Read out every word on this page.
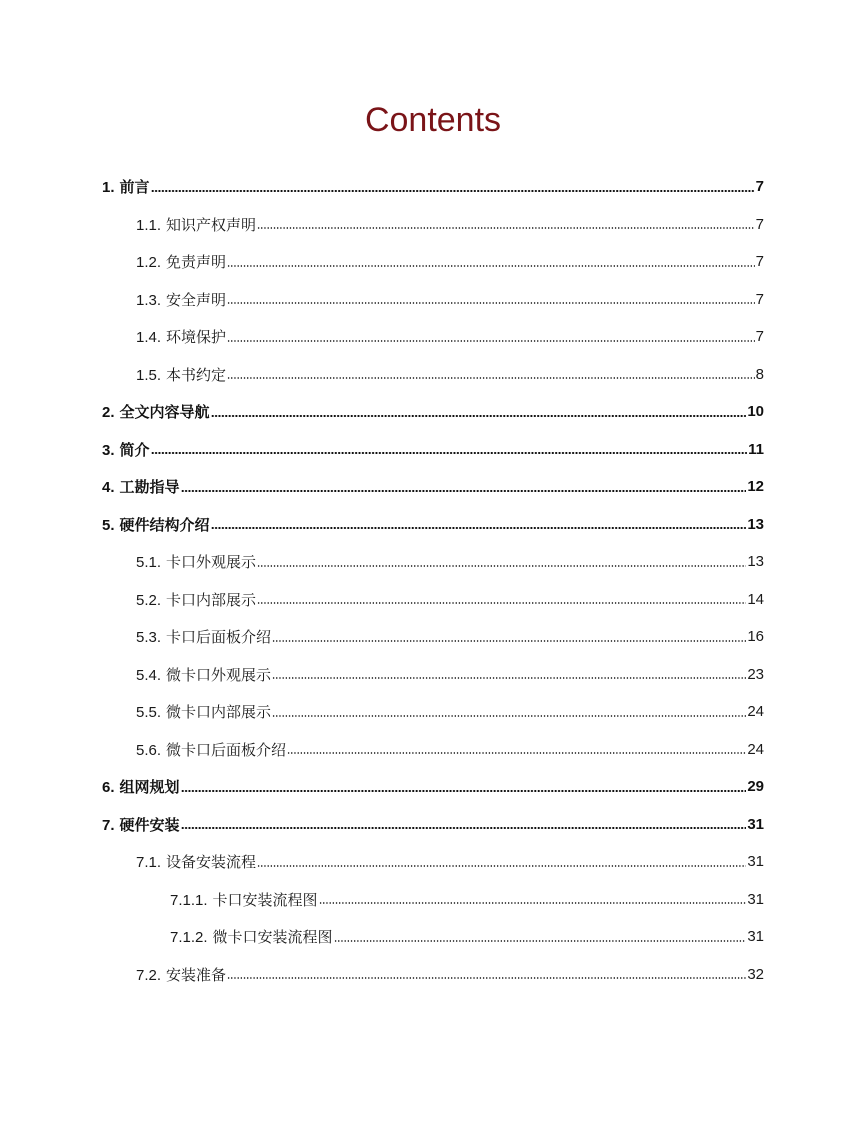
Contents
1. 前言	7
1.1. 知识产权声明	7
1.2. 免责声明	7
1.3. 安全声明	7
1.4. 环境保护	7
1.5. 本书约定	8
2. 全文内容导航	10
3. 简介	11
4. 工勘指导	12
5. 硬件结构介绍	13
5.1. 卡口外观展示	13
5.2. 卡口内部展示	14
5.3. 卡口后面板介绍	16
5.4. 微卡口外观展示	23
5.5. 微卡口内部展示	24
5.6. 微卡口后面板介绍	24
6. 组网规划	29
7. 硬件安装	31
7.1. 设备安装流程	31
7.1.1. 卡口安装流程图	31
7.1.2. 微卡口安装流程图	31
7.2. 安装准备	32
